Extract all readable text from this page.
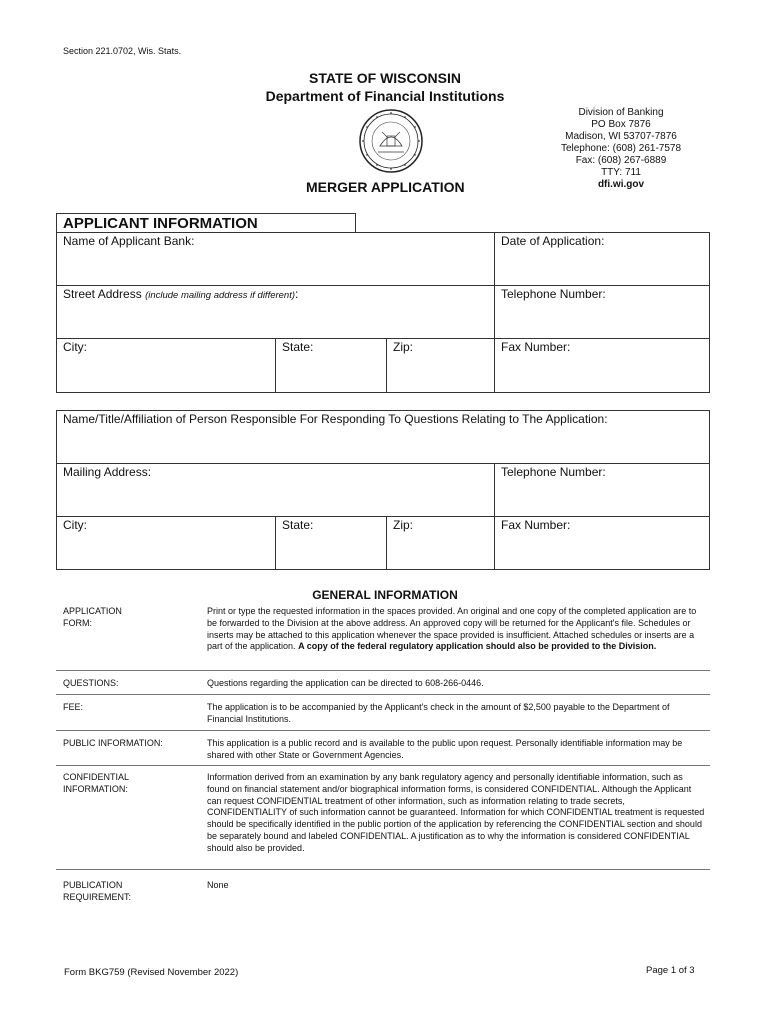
Section 221.0702, Wis. Stats.
STATE OF WISCONSIN
Department of Financial Institutions
Division of Banking
PO Box 7876
Madison, WI 53707-7876
Telephone: (608) 261-7578
Fax: (608) 267-6889
TTY: 711
dfi.wi.gov
MERGER APPLICATION
APPLICANT INFORMATION
Name of Applicant Bank:	Date of Application:
Street Address (include mailing address if different):	Telephone Number:
City:	State:	Zip:	Fax Number:
Name/Title/Affiliation of Person Responsible For Responding To Questions Relating to The Application:
Mailing Address:	Telephone Number:
City:	State:	Zip:	Fax Number:
GENERAL INFORMATION
APPLICATION
FORM:
Print or type the requested information in the spaces provided. An original and one copy of the completed application are to be forwarded to the Division at the above address. An approved copy will be returned for the Applicant's file. Schedules or inserts may be attached to this application whenever the space provided is insufficient. Attached schedules or inserts are a part of the application. A copy of the federal regulatory application should also be provided to the Division.
QUESTIONS:	Questions regarding the application can be directed to 608-266-0446.
FEE:	The application is to be accompanied by the Applicant's check in the amount of $2,500 payable to the Department of Financial Institutions.
PUBLIC INFORMATION:	This application is a public record and is available to the public upon request. Personally identifiable information may be shared with other State or Government Agencies.
CONFIDENTIAL
INFORMATION:
Information derived from an examination by any bank regulatory agency and personally identifiable information, such as found on financial statement and/or biographical information forms, is considered CONFIDENTIAL. Although the Applicant can request CONFIDENTIAL treatment of other information, such as information relating to trade secrets, CONFIDENTIALITY of such information cannot be guaranteed. Information for which CONFIDENTIAL treatment is requested should be specifically identified in the public portion of the application by referencing the CONFIDENTIAL section and should be separately bound and labeled CONFIDENTIAL. A justification as to why the information is considered CONFIDENTIAL should also be provided.
PUBLICATION
REQUIREMENT:
None
Form BKG759 (Revised November 2022)	Page 1 of 3
